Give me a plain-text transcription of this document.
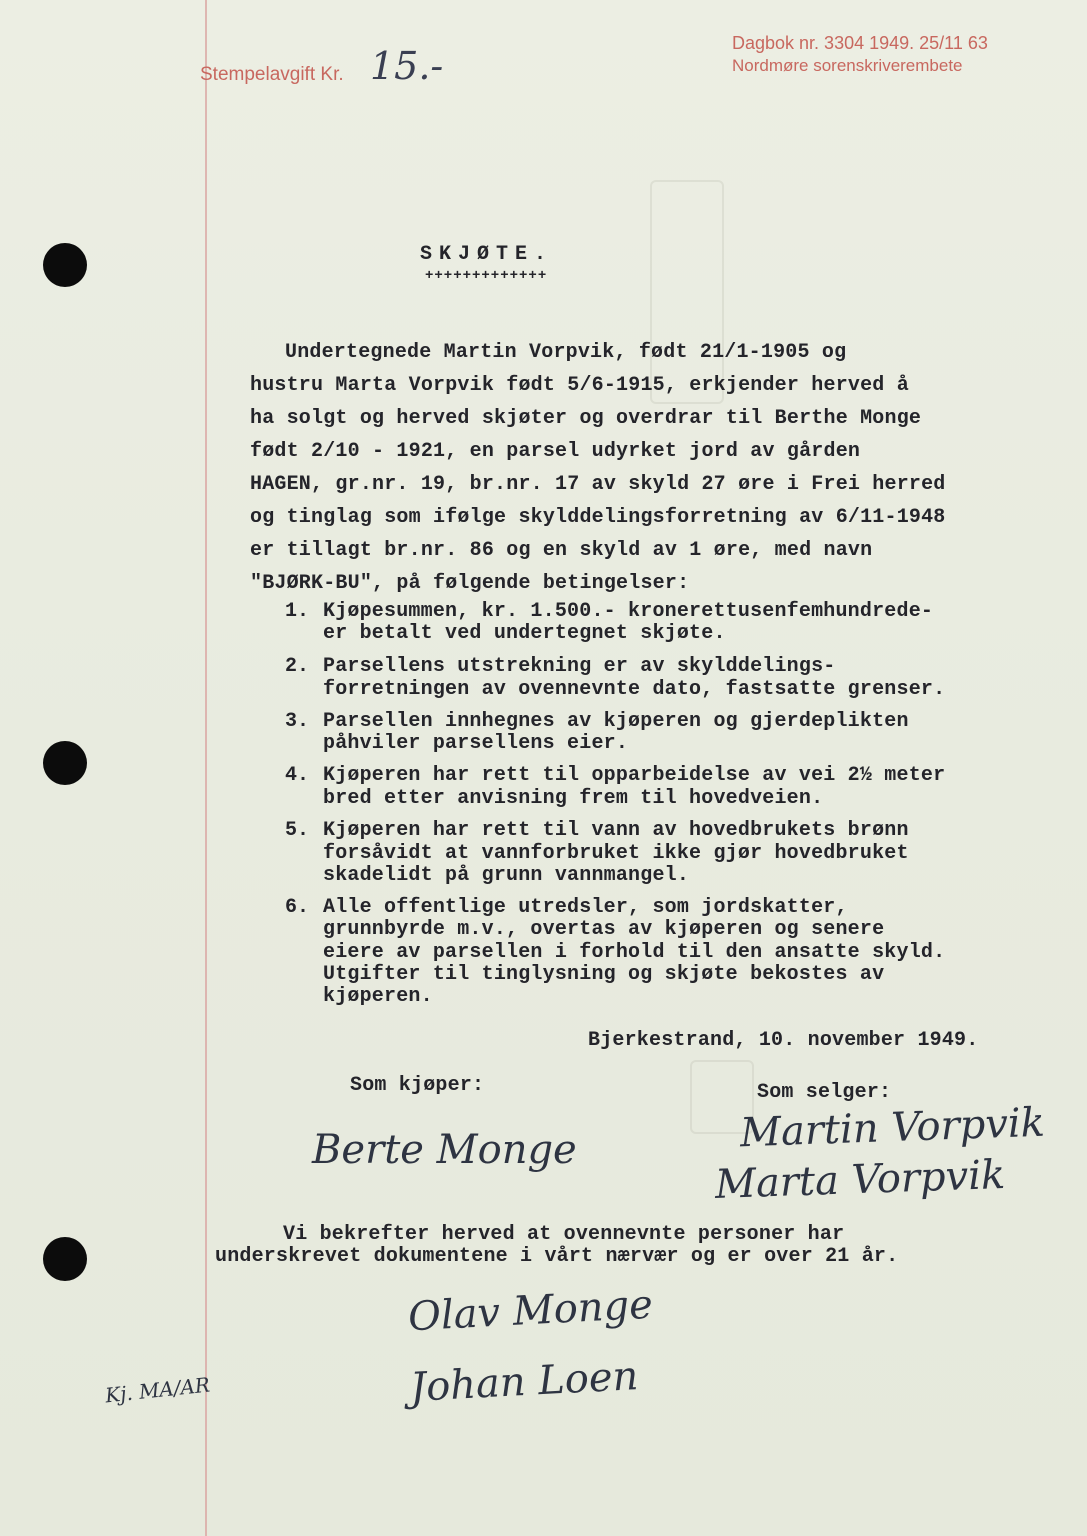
Stempelavgift Kr. 15.-
Dagbok nr. 3304 1949. 25/11 63
Nordmøre sorenskriverembete
SKJØTE.
+++++++++++++
Undertegnede Martin Vorpvik, født 21/1-1905 og
hustru Marta Vorpvik født 5/6-1915, erkjender herved å
ha solgt og herved skjøter og overdrar til Berthe Monge
født 2/10 - 1921, en parsel udyrket jord av gården
HAGEN, gr.nr. 19, br.nr. 17 av skyld 27 øre i Frei herred
og tinglag som ifølge skylddelingsforretning av 6/11-1948
er tillagt br.nr. 86 og en skyld av 1 øre, med navn
"BJØRK-BU", på følgende betingelser:
1. Kjøpesummen, kr. 1.500.- kronerettusenfemhundrede-
er betalt ved undertegnet skjøte.
2. Parsellens utstrekning er av skylddelings-
forretningen av ovennevnte dato, fastsatte grenser.
3. Parsellen innhegnes av kjøperen og gjerdeplikten
påhviler parsellens eier.
4. Kjøperen har rett til opparbeidelse av vei 2½ meter
bred etter anvisning frem til hovedveien.
5. Kjøperen har rett til vann av hovedbrukets brønn
forsåvidt at vannforbruket ikke gjør hovedbruket
skadelidt på grunn vannmangel.
6. Alle offentlige utredsler, som jordskatter,
grunnbyrde m.v., overtas av kjøperen og senere
eiere av parsellen i forhold til den ansatte skyld.
Utgifter til tinglysning og skjøte bekostes av
kjøperen.
Bjerkestrand, 10. november 1949.
Som kjøper:	Som selger:
Berte Monge	Martin Vorpvik
Marta Vorpvik
Vi bekrefter herved at ovennevnte personer har
underskrevet dokumentene i vårt nærvær og er over 21 år.
Olav Monge
Johan Loen
Kj. MA/AR
